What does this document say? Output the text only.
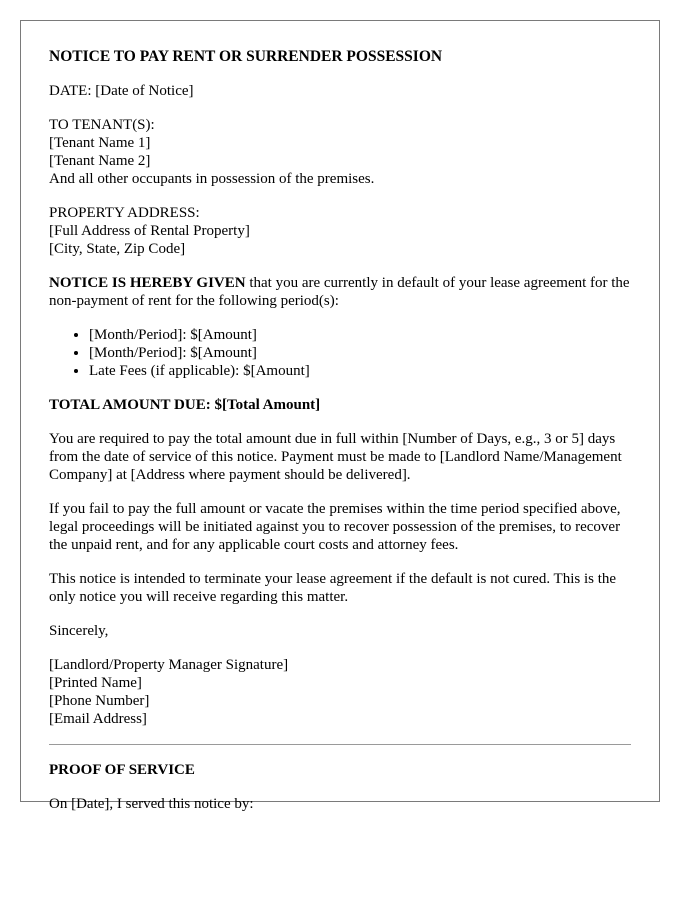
NOTICE TO PAY RENT OR SURRENDER POSSESSION

DATE: [Date of Notice]

TO TENANT(S):
[Tenant Name 1]
[Tenant Name 2]
And all other occupants in possession of the premises.

PROPERTY ADDRESS:
[Full Address of Rental Property]
[City, State, Zip Code]

NOTICE IS HEREBY GIVEN that you are currently in default of your lease agreement for the non-payment of rent for the following period(s):

• [Month/Period]: $[Amount]
• [Month/Period]: $[Amount]
• Late Fees (if applicable): $[Amount]
TOTAL AMOUNT DUE: $[Total Amount]

You are required to pay the total amount due in full within [Number of Days, e.g., 3 or 5] days from the date of service of this notice. Payment must be made to [Landlord Name/Management Company] at [Address where payment should be delivered].

If you fail to pay the full amount or vacate the premises within the time period specified above, legal proceedings will be initiated against you to recover possession of the premises, to recover the unpaid rent, and for any applicable court costs and attorney fees.

This notice is intended to terminate your lease agreement if the default is not cured. This is the only notice you will receive regarding this matter.

Sincerely,

[Landlord/Property Manager Signature]
[Printed Name]
[Phone Number]
[Email Address]

PROOF OF SERVICE

On [Date], I served this notice by:
